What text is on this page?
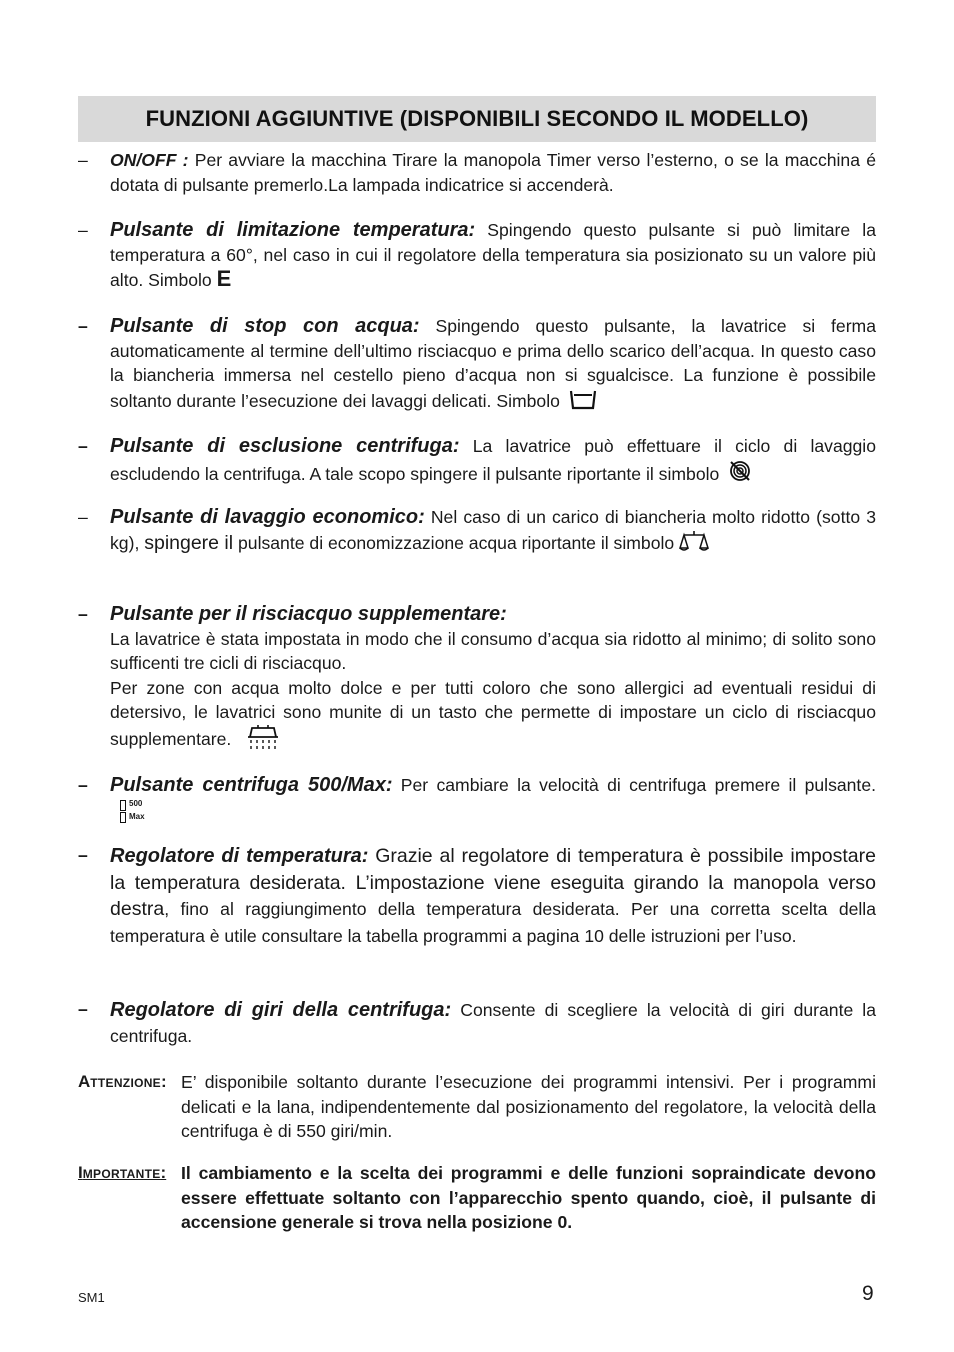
FUNZIONI AGGIUNTIVE (DISPONIBILI SECONDO IL MODELLO)
–	ON/OFF : Per avviare la macchina Tirare la manopola Timer verso l’esterno, o se la macchina é dotata di pulsante premerlo.La lampada indicatrice si accenderà.
–	Pulsante di limitazione temperatura: Spingendo questo pulsante si può limitare la temperatura a 60°, nel caso in cui il regolatore della temperatura sia posizionato su un valore più alto. Simbolo E
–	Pulsante di stop con acqua: Spingendo questo pulsante, la lavatrice si ferma automaticamente al termine dell’ultimo risciacquo e prima dello scarico dell’acqua. In questo caso la biancheria immersa nel cestello pieno d’acqua non si sgualcisce. La funzione è possibile soltanto durante l’esecuzione dei lavaggi delicati. Simbolo
–	Pulsante di esclusione centrifuga: La lavatrice può effettuare il ciclo di lavaggio escludendo la centrifuga. A tale scopo spingere il pulsante riportante il simbolo
–	Pulsante di lavaggio economico: Nel caso di un carico di biancheria molto ridotto (sotto 3 kg), spingere il pulsante di economizzazione acqua riportante il simbolo
–	Pulsante per il risciacquo supplementare:
La lavatrice è stata impostata in modo che il consumo d’acqua sia ridotto al minimo; di solito sono sufficenti tre cicli di risciacquo.
Per zone con acqua molto dolce e per tutti coloro che sono allergici ad eventuali residui di detersivo, le lavatrici sono munite di un tasto che permette di impostare un ciclo di risciacquo supplementare.
–	Pulsante centrifuga 500/Max: Per cambiare la velocità di centrifuga premere il pulsante.
500
Max
–	Regolatore di temperatura: Grazie al regolatore di temperatura è possibile impostare la temperatura desiderata. L’impostazione viene eseguita girando la manopola verso destra, fino al raggiungimento della temperatura desiderata. Per una corretta scelta della temperatura è utile consultare la tabella programmi a pagina 10 delle istruzioni per l’uso.
–	Regolatore di giri della centrifuga: Consente di scegliere la velocità di giri durante la centrifuga.
ATTENZIONE: E’ disponibile soltanto durante l’esecuzione dei programmi intensivi. Per i programmi delicati e la lana, indipendentemente dal posizionamento del regolatore, la velocità della centrifuga è di 550 giri/min.
IMPORTANTE: Il cambiamento e la scelta dei programmi e delle funzioni sopraindicate devono essere effettuate soltanto con l’apparecchio spento quando, cioè, il pulsante di accensione generale si trova nella posizione 0.
SM1	9
